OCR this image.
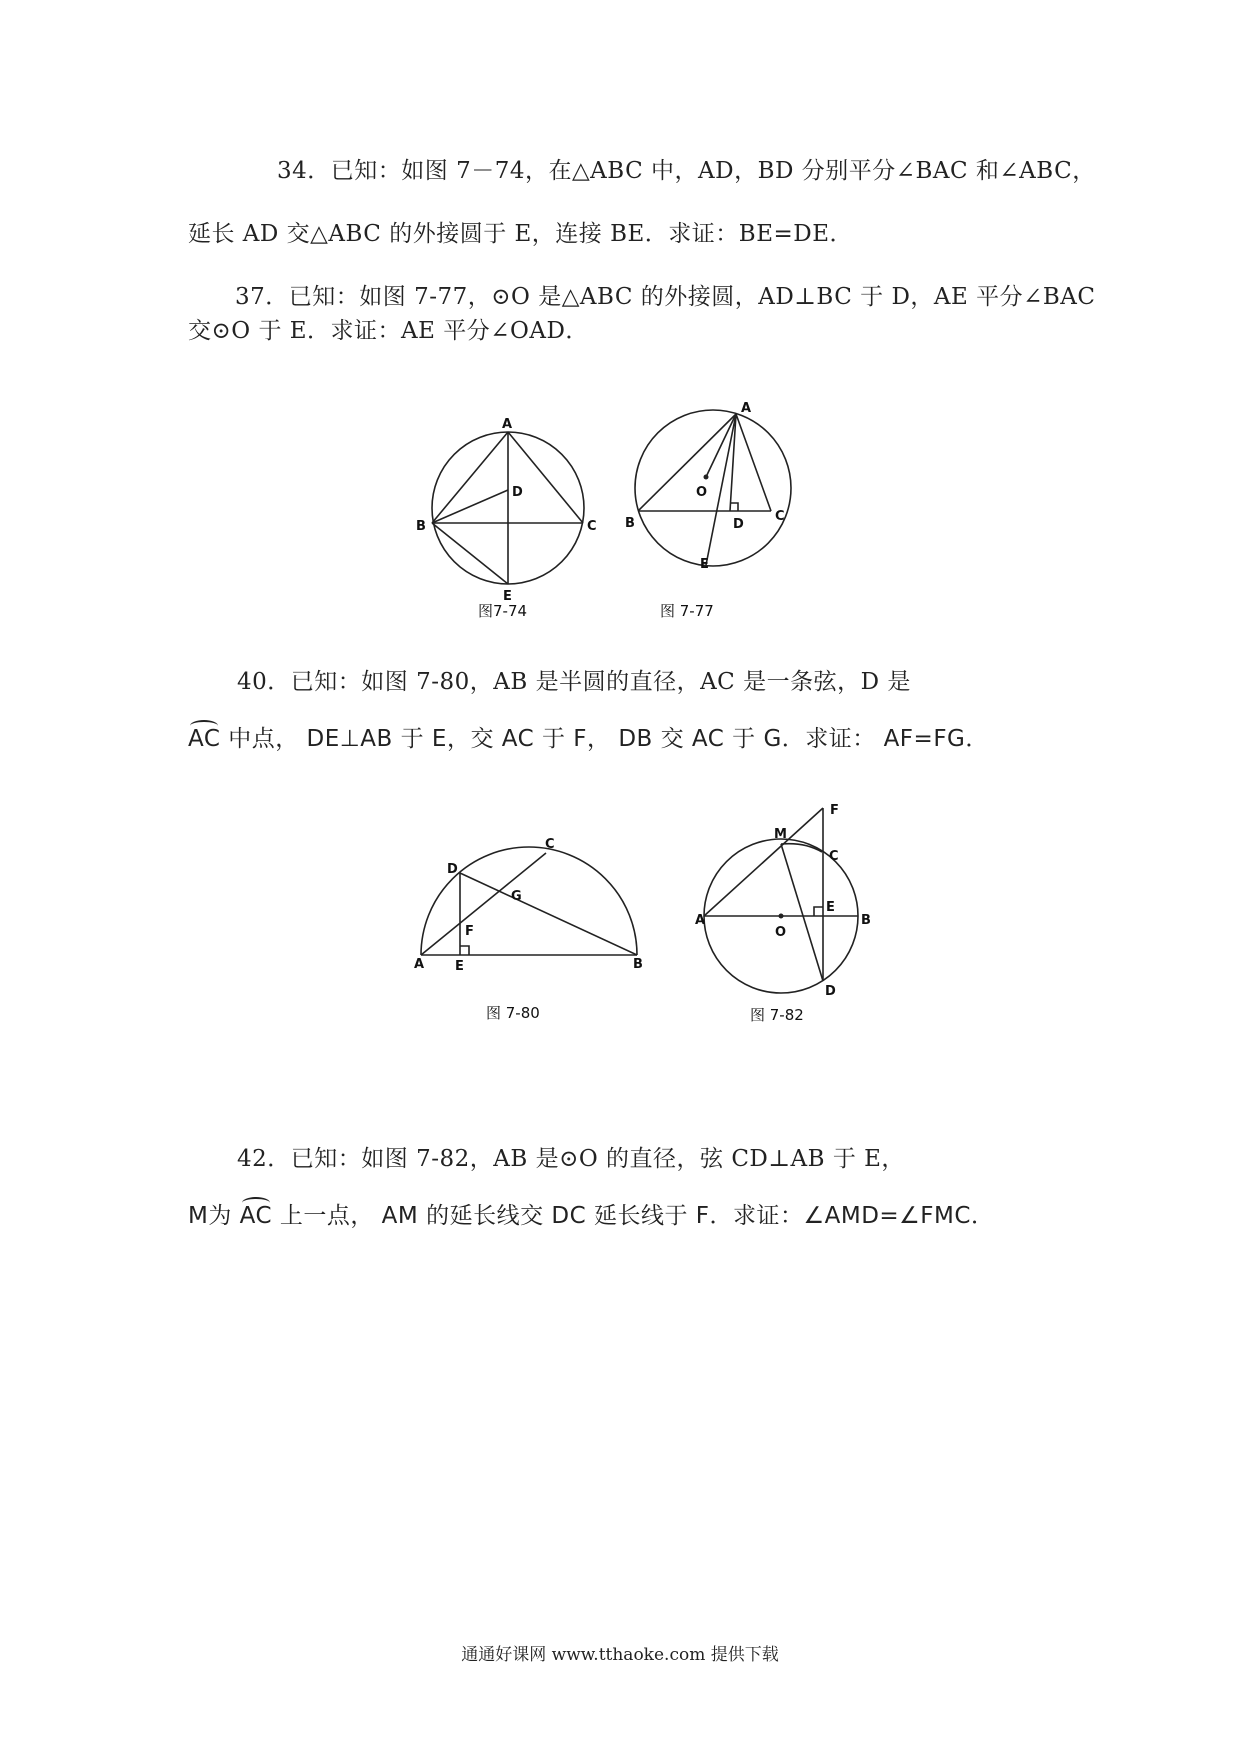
34．已知：如图 7－74，在△ABC 中，AD，BD 分别平分∠BAC 和∠ABC，
延长 AD 交△ABC 的外接圆于 E，连接 BE．求证：BE=DE．
37．已知：如图 7-77，⊙O 是△ABC 的外接圆，AD⊥BC 于 D，AE 平分∠BAC
交⊙O 于 E．求证：AE 平分∠OAD．
A
B	C
D
E
图7-74
A
B	C
D
E
O
图 7-77
40．已知：如图 7-80，AB 是半圆的直径，AC 是一条弦，D 是
AC 中点， DE⊥AB 于 E，交 AC 于 F， DB 交 AC 于 G．求证： AF=FG．
A	B
C
D
E
F
G
图 7-80
A	B
C
D
E
F
M
O
图 7-82
42．已知：如图 7-82，AB 是⊙O 的直径，弦 CD⊥AB 于 E，
M为 AC 上一点， AM 的延长线交 DC 延长线于 F．求证：∠AMD=∠FMC．
通通好课网 www.tthaoke.com 提供下载
